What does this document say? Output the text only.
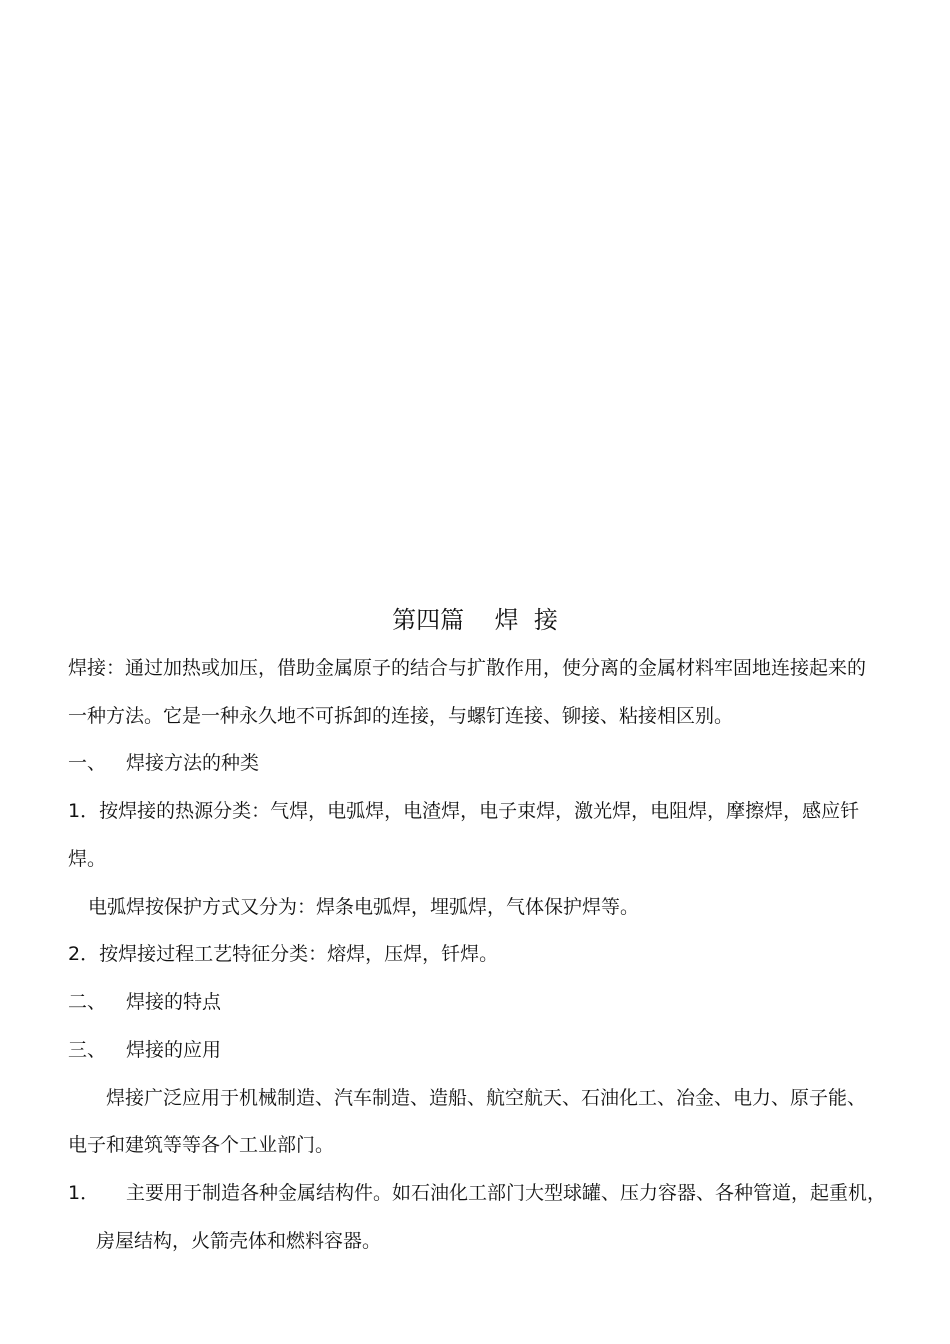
第四篇    焊  接
焊接：通过加热或加压，借助金属原子的结合与扩散作用，使分离的金属材料牢固地连接起来的
一种方法。它是一种永久地不可拆卸的连接，与螺钉连接、铆接、粘接相区别。
一、 焊接方法的种类
1．按焊接的热源分类：气焊，电弧焊，电渣焊，电子束焊，激光焊，电阻焊，摩擦焊，感应钎
焊。
电弧焊按保护方式又分为：焊条电弧焊，埋弧焊，气体保护焊等。
2．按焊接过程工艺特征分类：熔焊，压焊，钎焊。
二、 焊接的特点
三、 焊接的应用
焊接广泛应用于机械制造、汽车制造、造船、航空航天、石油化工、冶金、电力、原子能、
电子和建筑等等各个工业部门。
1． 主要用于制造各种金属结构件。如石油化工部门大型球罐、压力容器、各种管道，起重机，
房屋结构，火箭壳体和燃料容器。
